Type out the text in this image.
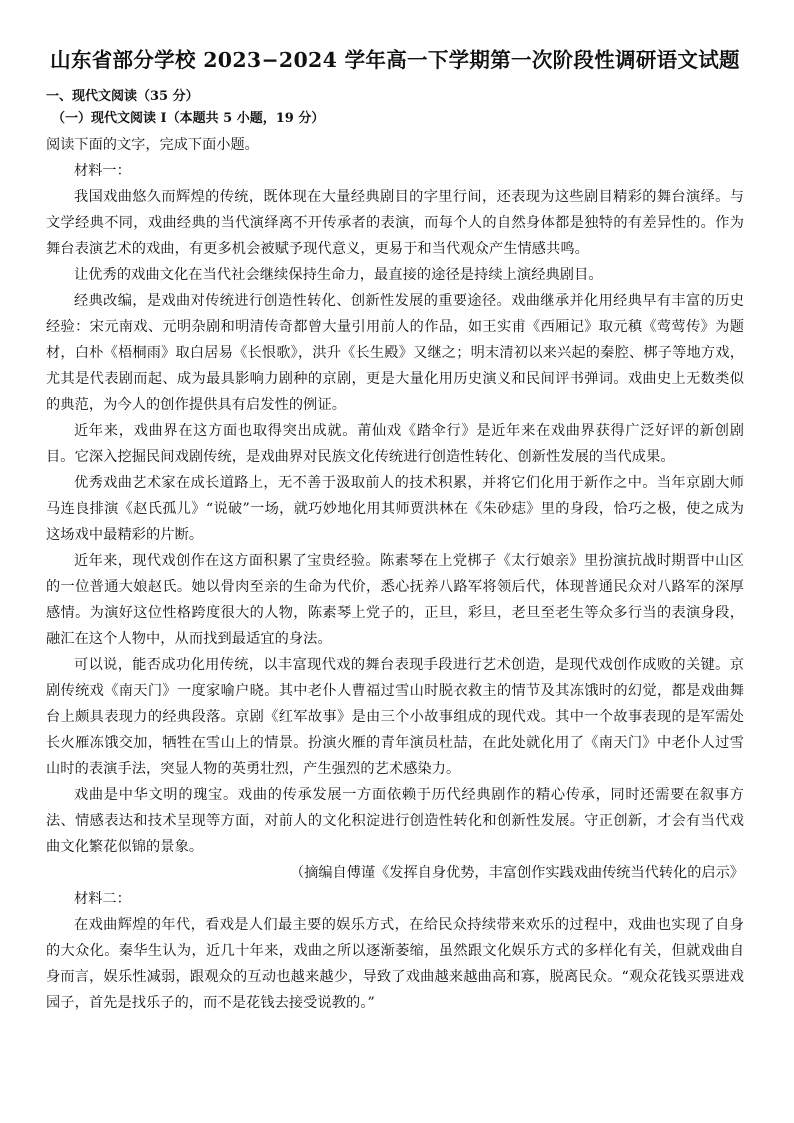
山东省部分学校 2023−2024 学年高一下学期第一次阶段性调研语文试题

一、现代文阅读（35 分）

（一）现代文阅读 I（本题共 5 小题，19 分）

阅读下面的文字，完成下面小题。

材料一：

我国戏曲悠久而辉煌的传统，既体现在大量经典剧目的字里行间，还表现为这些剧目精彩的舞台演绎。与文学经典不同，戏曲经典的当代演绎离不开传承者的表演，而每个人的自然身体都是独特的有差异性的。作为舞台表演艺术的戏曲，有更多机会被赋予现代意义，更易于和当代观众产生情感共鸣。

让优秀的戏曲文化在当代社会继续保持生命力，最直接的途径是持续上演经典剧目。

经典改编，是戏曲对传统进行创造性转化、创新性发展的重要途径。戏曲继承并化用经典早有丰富的历史经验：宋元南戏、元明杂剧和明清传奇都曾大量引用前人的作品，如王实甫《西厢记》取元稹《莺莺传》为题材，白朴《梧桐雨》取白居易《长恨歌》，洪升《长生殿》又继之；明末清初以来兴起的秦腔、梆子等地方戏，尤其是代表剧而起、成为最具影响力剧种的京剧，更是大量化用历史演义和民间评书弹词。戏曲史上无数类似的典范，为今人的创作提供具有启发性的例证。

近年来，戏曲界在这方面也取得突出成就。莆仙戏《踏伞行》是近年来在戏曲界获得广泛好评的新创剧目。它深入挖掘民间戏剧传统，是戏曲界对民族文化传统进行创造性转化、创新性发展的当代成果。

优秀戏曲艺术家在成长道路上，无不善于汲取前人的技术积累，并将它们化用于新作之中。当年京剧大师马连良排演《赵氏孤儿》“说破”一场，就巧妙地化用其师贾洪林在《朱砂痣》里的身段，恰巧之极，使之成为这场戏中最精彩的片断。

近年来，现代戏创作在这方面积累了宝贵经验。陈素琴在上党梆子《太行娘亲》里扮演抗战时期晋中山区的一位普通大娘赵氏。她以骨肉至亲的生命为代价，悉心抚养八路军将领后代，体现普通民众对八路军的深厚感情。为演好这位性格跨度很大的人物，陈素琴上党子的，正旦，彩旦，老旦至老生等众多行当的表演身段，融汇在这个人物中，从而找到最适宜的身法。

可以说，能否成功化用传统，以丰富现代戏的舞台表现手段进行艺术创造，是现代戏创作成败的关键。京剧传统戏《南天门》一度家喻户晓。其中老仆人曹福过雪山时脱衣救主的情节及其冻饿时的幻觉，都是戏曲舞台上颇具表现力的经典段落。京剧《红军故事》是由三个小故事组成的现代戏。其中一个故事表现的是军需处长火雁冻饿交加，牺牲在雪山上的情景。扮演火雁的青年演员杜喆，在此处就化用了《南天门》中老仆人过雪山时的表演手法，突显人物的英勇壮烈，产生强烈的艺术感染力。

戏曲是中华文明的瑰宝。戏曲的传承发展一方面依赖于历代经典剧作的精心传承，同时还需要在叙事方法、情感表达和技术呈现等方面，对前人的文化积淀进行创造性转化和创新性发展。守正创新，才会有当代戏曲文化繁花似锦的景象。

（摘编自傅谨《发挥自身优势，丰富创作实践戏曲传统当代转化的启示》

材料二：

在戏曲辉煌的年代，看戏是人们最主要的娱乐方式，在给民众持续带来欢乐的过程中，戏曲也实现了自身的大众化。秦华生认为，近几十年来，戏曲之所以逐渐萎缩，虽然跟文化娱乐方式的多样化有关，但就戏曲自身而言，娱乐性减弱，跟观众的互动也越来越少，导致了戏曲越来越曲高和寡，脱离民众。“观众花钱买票进戏园子，首先是找乐子的，而不是花钱去接受说教的。”
